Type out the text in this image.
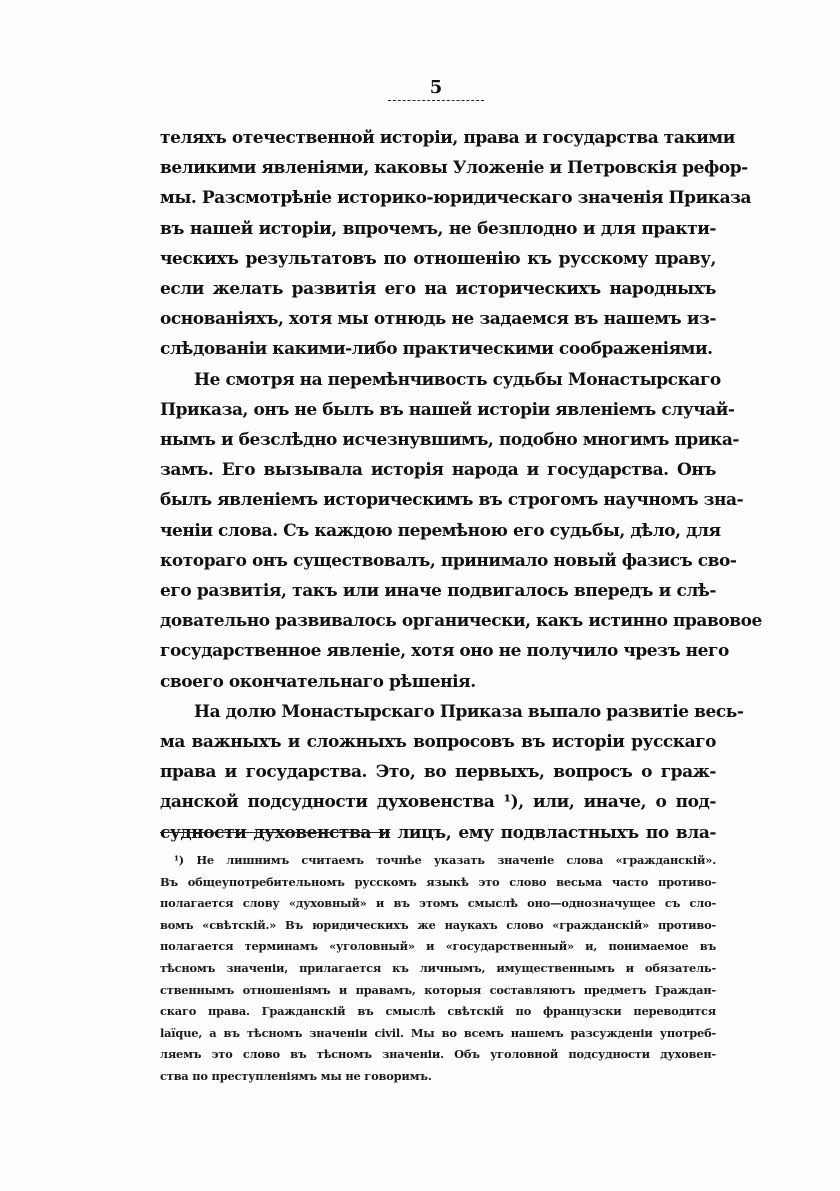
5

теляхъ отечественной исторіи, права и государства такими
великими явленіями, каковы Уложеніе и Петровскія рефор-
мы. Разсмотрѣніе историко-юридическаго значенія Приказа
въ нашей исторіи, впрочемъ, не безплодно и для практи-
ческихъ результатовъ по отношенію къ русскому праву,
если желать развитія его на историческихъ народныхъ
основаніяхъ, хотя мы отнюдь не задаемся въ нашемъ из-
слѣдованіи какими-либо практическими соображеніями.

Не смотря на перемѣнчивость судьбы Монастырскаго
Приказа, онъ не былъ въ нашей исторіи явленіемъ случай-
нымъ и безслѣдно исчезнувшимъ, подобно многимъ прика-
замъ. Его вызывала исторія народа и государства. Онъ
былъ явленіемъ историческимъ въ строгомъ научномъ зна-
ченіи слова. Съ каждою перемѣною его судьбы, дѣло, для
котораго онъ существовалъ, принимало новый фазисъ сво-
его развитія, такъ или иначе подвигалось впередъ и слѣ-
довательно развивалось органически, какъ истинно правовое
государственное явленіе, хотя оно не получило чрезъ него
своего окончательнаго рѣшенія.

На долю Монастырскаго Приказа выпало развитіе весь-
ма важныхъ и сложныхъ вопросовъ въ исторіи русскаго
права и государства. Это, во первыхъ, вопросъ о граж-
данской подсудности духовенства ¹), или, иначе, о под-
судности духовенства и лицъ, ему подвластныхъ по вла-

¹) Не лишнимъ считаемъ точнѣе указать значеніе слова «гражданскій».
Въ общеупотребительномъ русскомъ языкѣ это слово весьма часто противо-
полагается слову «духовный» и въ этомъ смыслѣ оно—однозначущее съ сло-
вомъ «свѣтскій.» Въ юридическихъ же наукахъ слово «гражданскій» противо-
полагается терминамъ «уголовный» и «государственный» и, понимаемое въ
тѣсномъ значеніи, прилагается къ личнымъ, имущественнымъ и обязатель-
ственнымъ отношеніямъ и правамъ, которыя составляютъ предметъ Граждан-
скаго права. Гражданскій въ смыслѣ свѣтскій по французски переводится
laïque, а въ тѣсномъ значеніи civil. Мы во всемъ нашемъ разсужденіи употреб-
ляемъ это слово въ тѣсномъ значеніи. Объ уголовной подсудности духовен-
ства по преступленіямъ мы не говоримъ.
